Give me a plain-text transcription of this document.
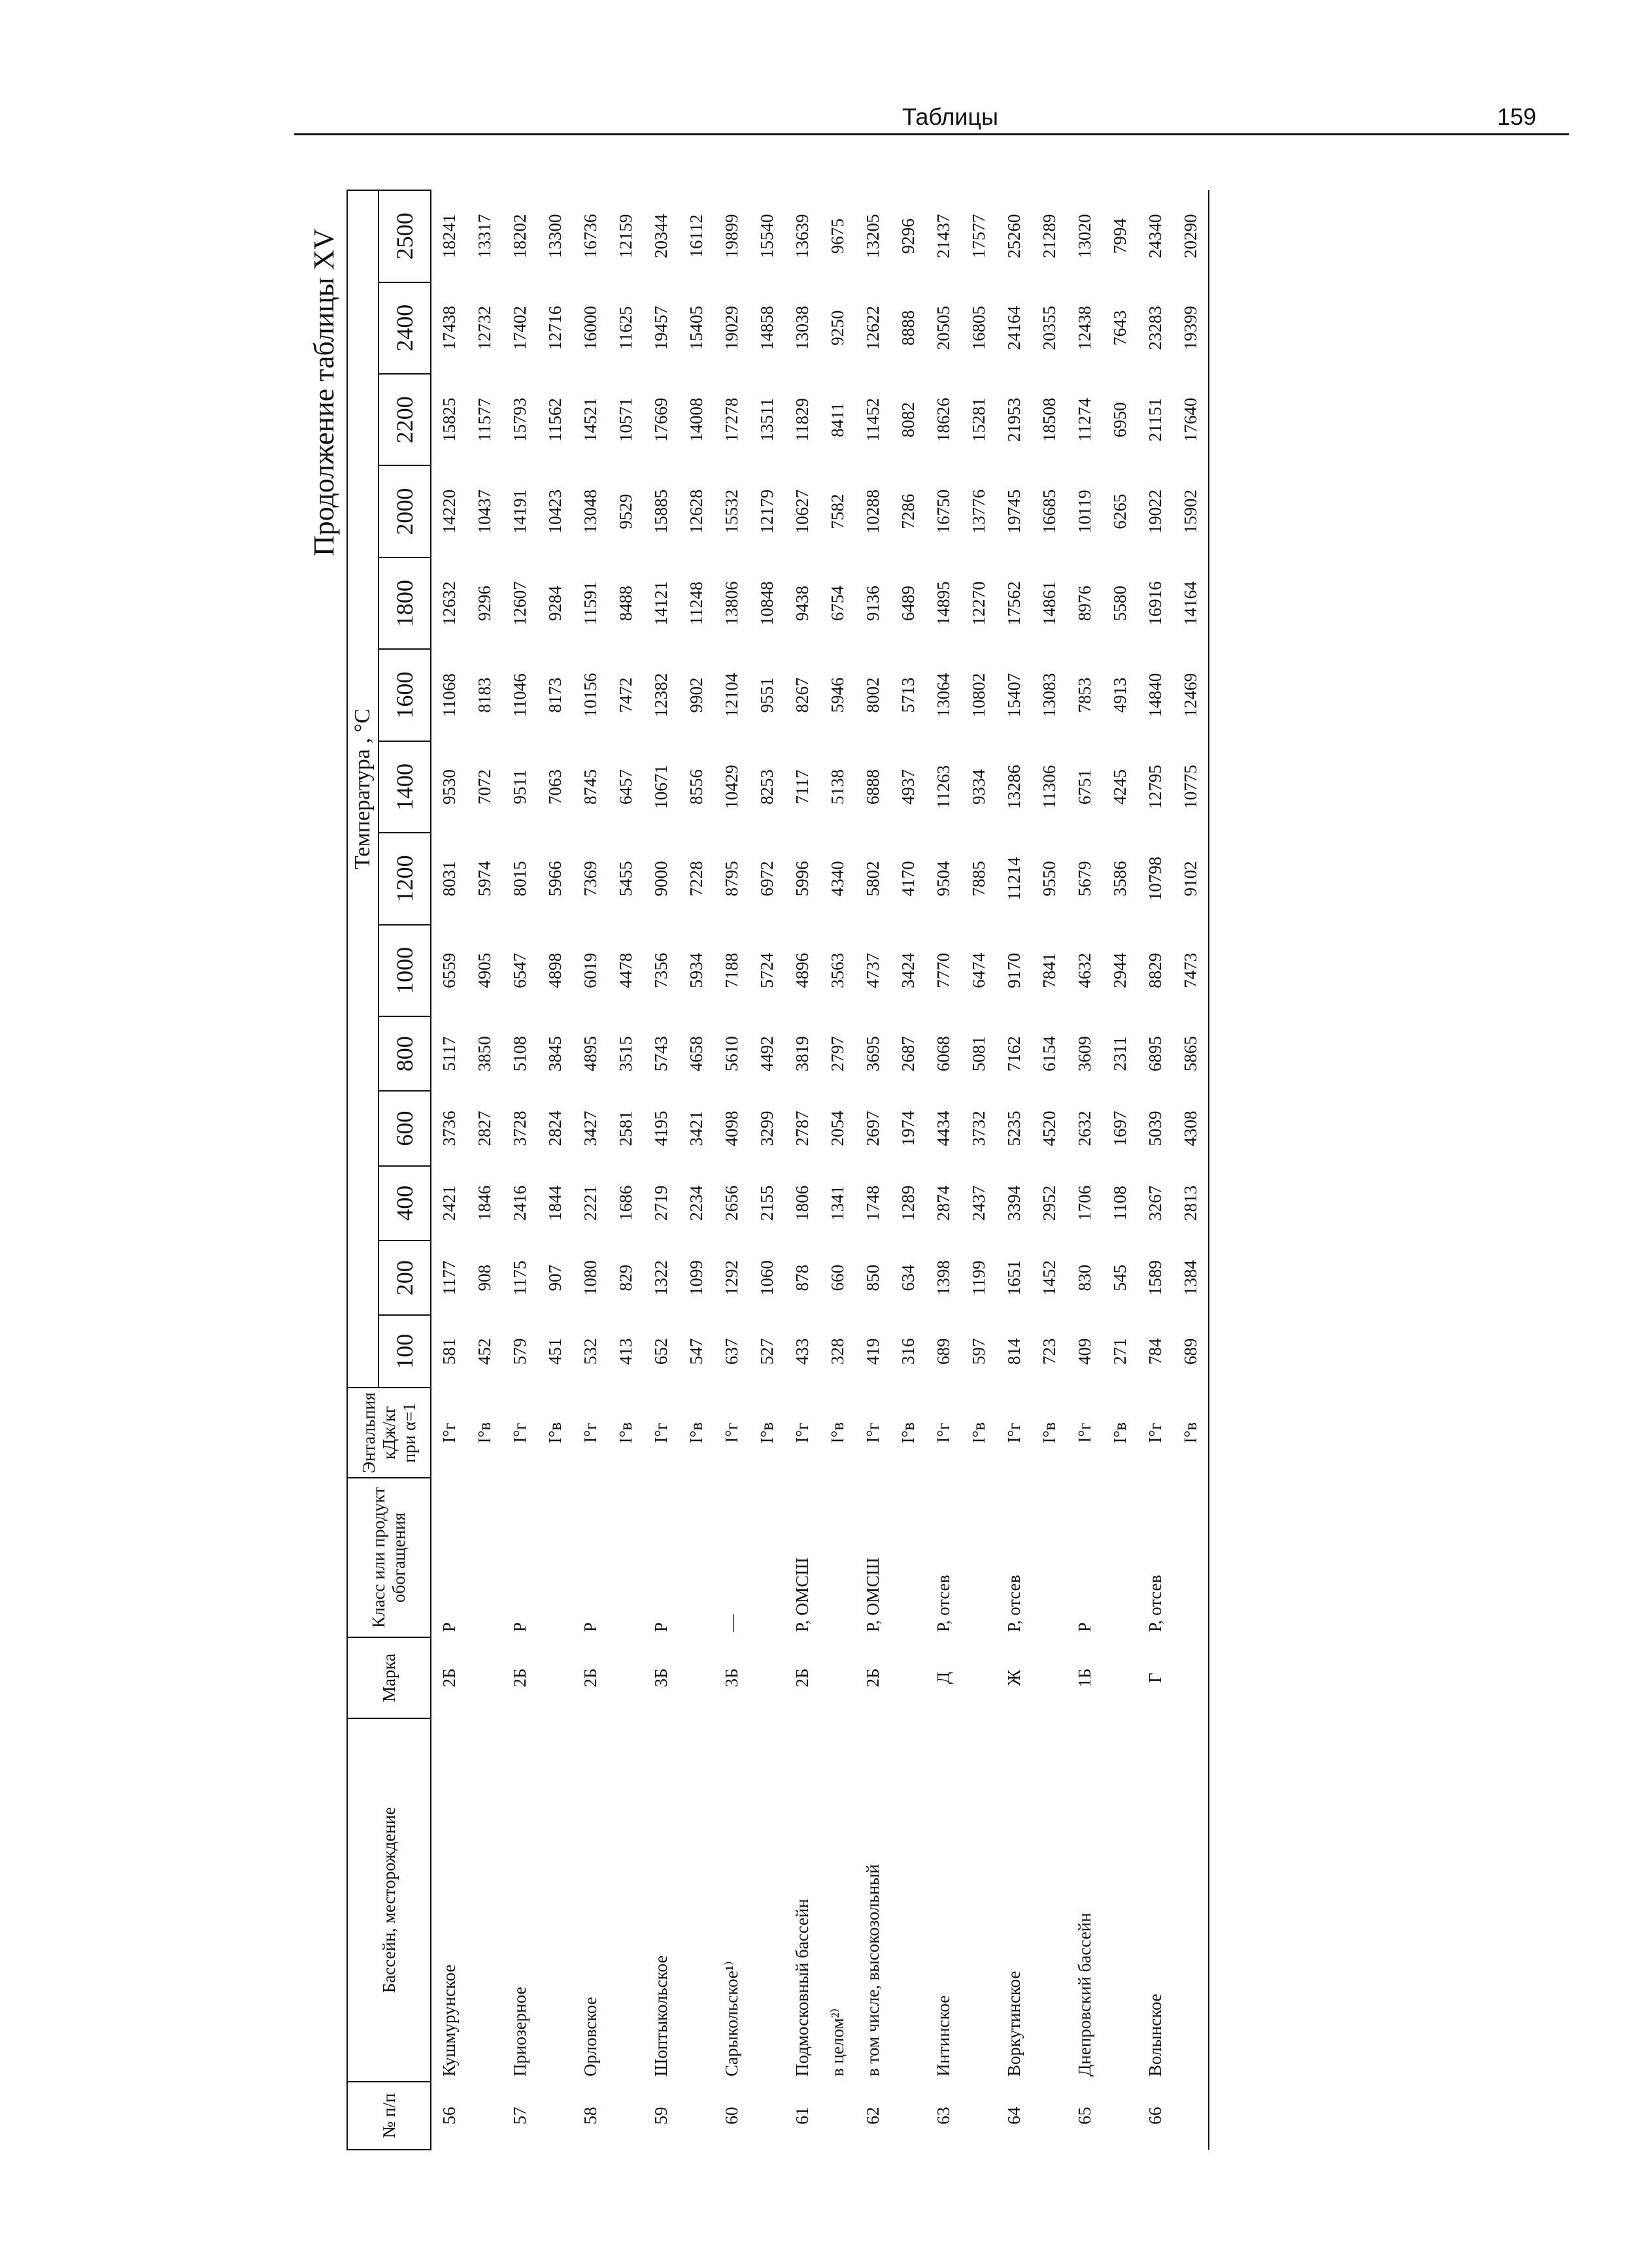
Таблицы	159
Продолжение таблицы XV
№ п/п	Бассейн, месторождение	Марка	Класс или продукт обогащения	Энтальпия кДж/кг при α=1	Температура , °С													
					100	200	400	600	800	1000	1200	1400	1600	1800	2000	2200	2400	2500
56	Кушмурунское	2Б	Р	I°г	581	1177	2421	3736	5117	6559	8031	9530	11068	12632	14220	15825	17438	18241
				I°в	452	908	1846	2827	3850	4905	5974	7072	8183	9296	10437	11577	12732	13317
57	Приозерное	2Б	Р	I°г	579	1175	2416	3728	5108	6547	8015	9511	11046	12607	14191	15793	17402	18202
				I°в	451	907	1844	2824	3845	4898	5966	7063	8173	9284	10423	11562	12716	13300
58	Орловское	2Б	Р	I°г	532	1080	2221	3427	4895	6019	7369	8745	10156	11591	13048	14521	16000	16736
				I°в	413	829	1686	2581	3515	4478	5455	6457	7472	8488	9529	10571	11625	12159
59	Шоптыкольское	3Б	Р	I°г	652	1322	2719	4195	5743	7356	9000	10671	12382	14121	15885	17669	19457	20344
				I°в	547	1099	2234	3421	4658	5934	7228	8556	9902	11248	12628	14008	15405	16112
60	Сарыкольское¹⁾	3Б	—	I°г	637	1292	2656	4098	5610	7188	8795	10429	12104	13806	15532	17278	19029	19899
				I°в	527	1060	2155	3299	4492	5724	6972	8253	9551	10848	12179	13511	14858	15540
61	Подмосковный бассейн	2Б	Р, ОМСШ	I°г	433	878	1806	2787	3819	4896	5996	7117	8267	9438	10627	11829	13038	13639
	в целом²⁾			I°в	328	660	1341	2054	2797	3563	4340	5138	5946	6754	7582	8411	9250	9675
62	в том числе, высокозольный	2Б	Р, ОМСШ	I°г	419	850	1748	2697	3695	4737	5802	6888	8002	9136	10288	11452	12622	13205
				I°в	316	634	1289	1974	2687	3424	4170	4937	5713	6489	7286	8082	8888	9296
63	Интинское	Д	Р, отсев	I°г	689	1398	2874	4434	6068	7770	9504	11263	13064	14895	16750	18626	20505	21437
				I°в	597	1199	2437	3732	5081	6474	7885	9334	10802	12270	13776	15281	16805	17577
64	Воркутинское	Ж	Р, отсев	I°г	814	1651	3394	5235	7162	9170	11214	13286	15407	17562	19745	21953	24164	25260
				I°в	723	1452	2952	4520	6154	7841	9550	11306	13083	14861	16685	18508	20355	21289
65	Днепровский бассейн	1Б	Р	I°г	409	830	1706	2632	3609	4632	5679	6751	7853	8976	10119	11274	12438	13020
				I°в	271	545	1108	1697	2311	2944	3586	4245	4913	5580	6265	6950	7643	7994
66	Волынское	Г	Р, отсев	I°г	784	1589	3267	5039	6895	8829	10798	12795	14840	16916	19022	21151	23283	24340
				I°в	689	1384	2813	4308	5865	7473	9102	10775	12469	14164	15902	17640	19399	20290
